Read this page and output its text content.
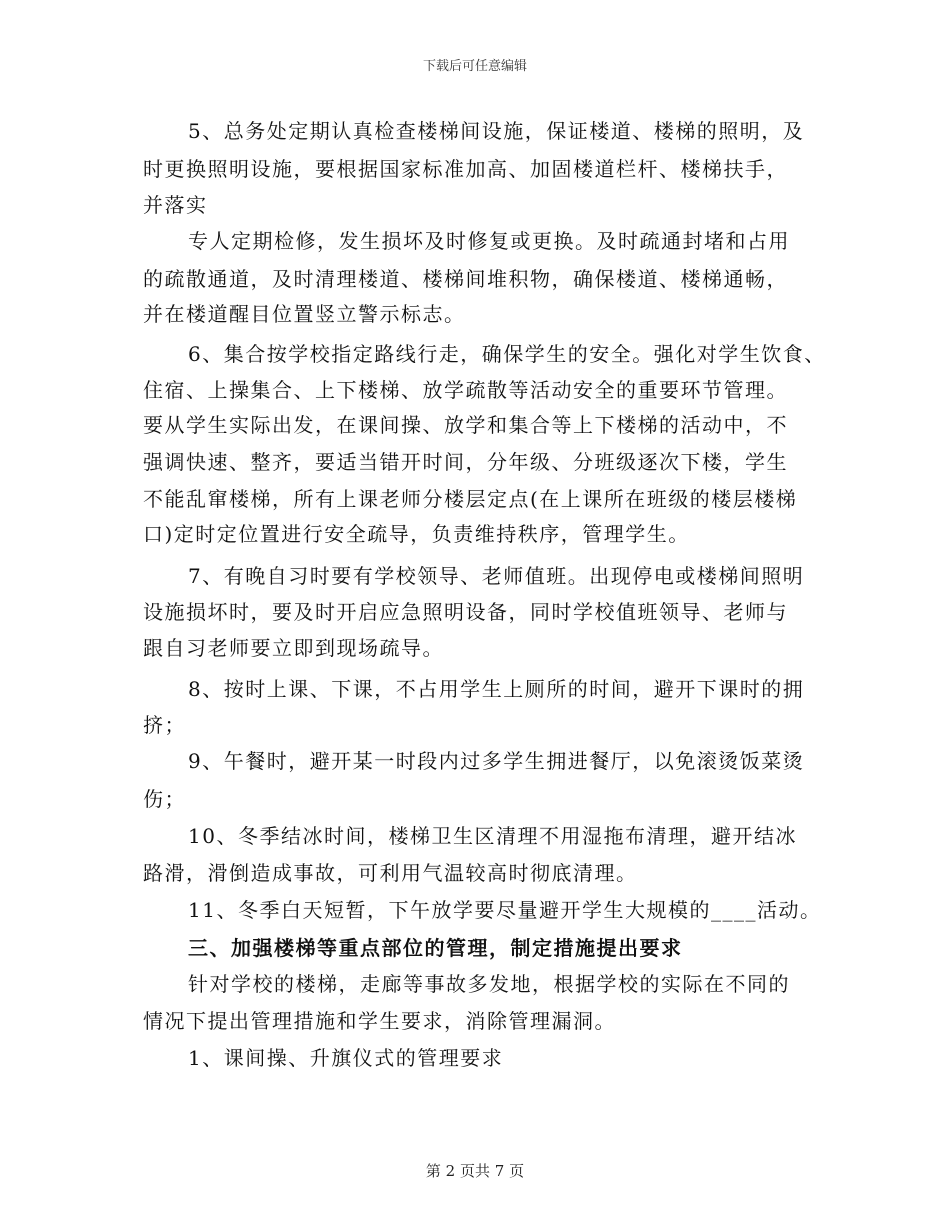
下载后可任意编辑
5、总务处定期认真检查楼梯间设施，保证楼道、楼梯的照明，及
时更换照明设施，要根据国家标准加高、加固楼道栏杆、楼梯扶手，
并落实
专人定期检修，发生损坏及时修复或更换。及时疏通封堵和占用
的疏散通道，及时清理楼道、楼梯间堆积物，确保楼道、楼梯通畅，
并在楼道醒目位置竖立警示标志。
6、集合按学校指定路线行走，确保学生的安全。强化对学生饮食、
住宿、上操集合、上下楼梯、放学疏散等活动安全的重要环节管理。
要从学生实际出发，在课间操、放学和集合等上下楼梯的活动中，不
强调快速、整齐，要适当错开时间，分年级、分班级逐次下楼，学生
不能乱窜楼梯，所有上课老师分楼层定点(在上课所在班级的楼层楼梯
口)定时定位置进行安全疏导，负责维持秩序，管理学生。
7、有晚自习时要有学校领导、老师值班。出现停电或楼梯间照明
设施损坏时，要及时开启应急照明设备，同时学校值班领导、老师与
跟自习老师要立即到现场疏导。
8、按时上课、下课，不占用学生上厕所的时间，避开下课时的拥
挤；
9、午餐时，避开某一时段内过多学生拥进餐厅，以免滚烫饭菜烫
伤；
10、冬季结冰时间，楼梯卫生区清理不用湿拖布清理，避开结冰
路滑，滑倒造成事故，可利用气温较高时彻底清理。
11、冬季白天短暂，下午放学要尽量避开学生大规模的____活动。
三、加强楼梯等重点部位的管理，制定措施提出要求
针对学校的楼梯，走廊等事故多发地，根据学校的实际在不同的
情况下提出管理措施和学生要求，消除管理漏洞。
1、课间操、升旗仪式的管理要求
第 2 页共 7 页
